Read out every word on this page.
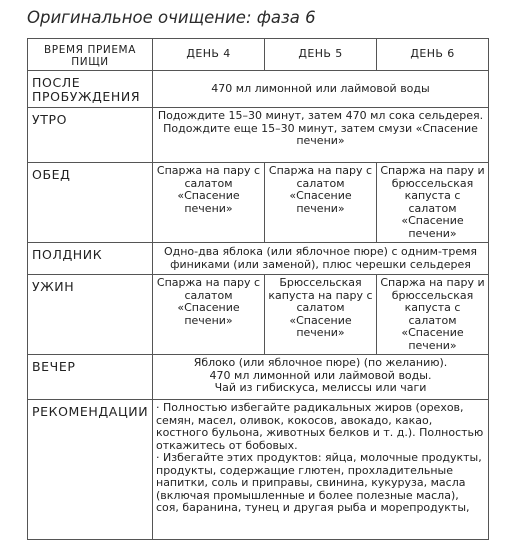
Оригинальное очищение: фаза 6
ВРЕМЯ ПРИЕМА ПИЩИ	ДЕНЬ 4	ДЕНЬ 5	ДЕНЬ 6
ПОСЛЕ ПРОБУЖДЕНИЯ	470 мл лимонной или лаймовой воды		
УТРО	Подождите 15–30 минут, затем 470 мл сока сельдерея.
Подождите еще 15–30 минут, затем смузи «Спасение печени»		

ОБЕД	Спаржа на пару с салатом «Спасение печени»	Спаржа на пару с салатом «Спасение печени»	Спаржа на пару и брюссельская капуста с салатом «Спасение печени»
ПОЛДНИК	Одно-два яблока (или яблочное пюре) с одним-тремя финиками (или заменой), плюс черешки сельдерея		
УЖИН	Спаржа на пару с салатом «Спасение печени»	Брюссельская капуста на пару с салатом «Спасение печени»	Спаржа на пару и брюссельская капуста с салатом «Спасение печени»
ВЕЧЕР	Яблоко (или яблочное пюре) (по желанию).
470 мл лимонной или лаймовой воды.
Чай из гибискуса, мелиссы или чаги		

РЕКОМЕНДАЦИИ	· Полностью избегайте радикальных жиров (орехов, семян, масел, оливок, кокосов, авокадо, какао, костного бульона, животных белков и т. д.). Полностью откажитесь от бобовых.

· Избегайте этих продуктов: яйца, молочные продукты, продукты, содержащие глютен, прохладительные напитки, соль и приправы, свинина, кукуруза, масла (включая промышленные и более полезные масла), соя, баранина, тунец и другая рыба и морепродукты,		
